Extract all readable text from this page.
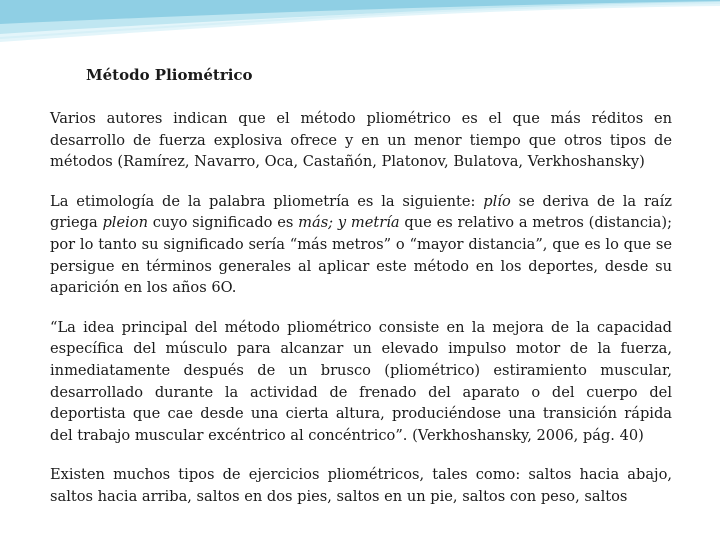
Método Pliométrico

Varios autores indican que el método pliométrico es el que más réditos en desarrollo de fuerza explosiva ofrece y en un menor tiempo que otros tipos de métodos (Ramírez, Navarro, Oca, Castañón, Platonov, Bulatova, Verkhoshansky)

La etimología de la palabra pliometría es la siguiente: plío se deriva de la raíz griega pleion cuyo significado es más; y metría que es relativo a metros (distancia); por lo tanto su significado sería “más metros” o “mayor distancia”, que es lo que se persigue en términos generales al aplicar este método en los deportes, desde su aparición en los años 6O.

“La idea principal del método pliométrico consiste en la mejora de la capacidad específica del músculo para alcanzar un elevado impulso motor de la fuerza, inmediatamente después de un brusco (pliométrico) estiramiento muscular, desarrollado durante la actividad de frenado del aparato o del cuerpo del deportista que cae desde una cierta altura, produciéndose una transición rápida del trabajo muscular excéntrico al concéntrico”. (Verkhoshansky, 2006, pág. 40)

Existen muchos tipos de ejercicios pliométricos, tales como: saltos hacia abajo, saltos hacia arriba, saltos en dos pies, saltos en un pie, saltos con peso, saltos
